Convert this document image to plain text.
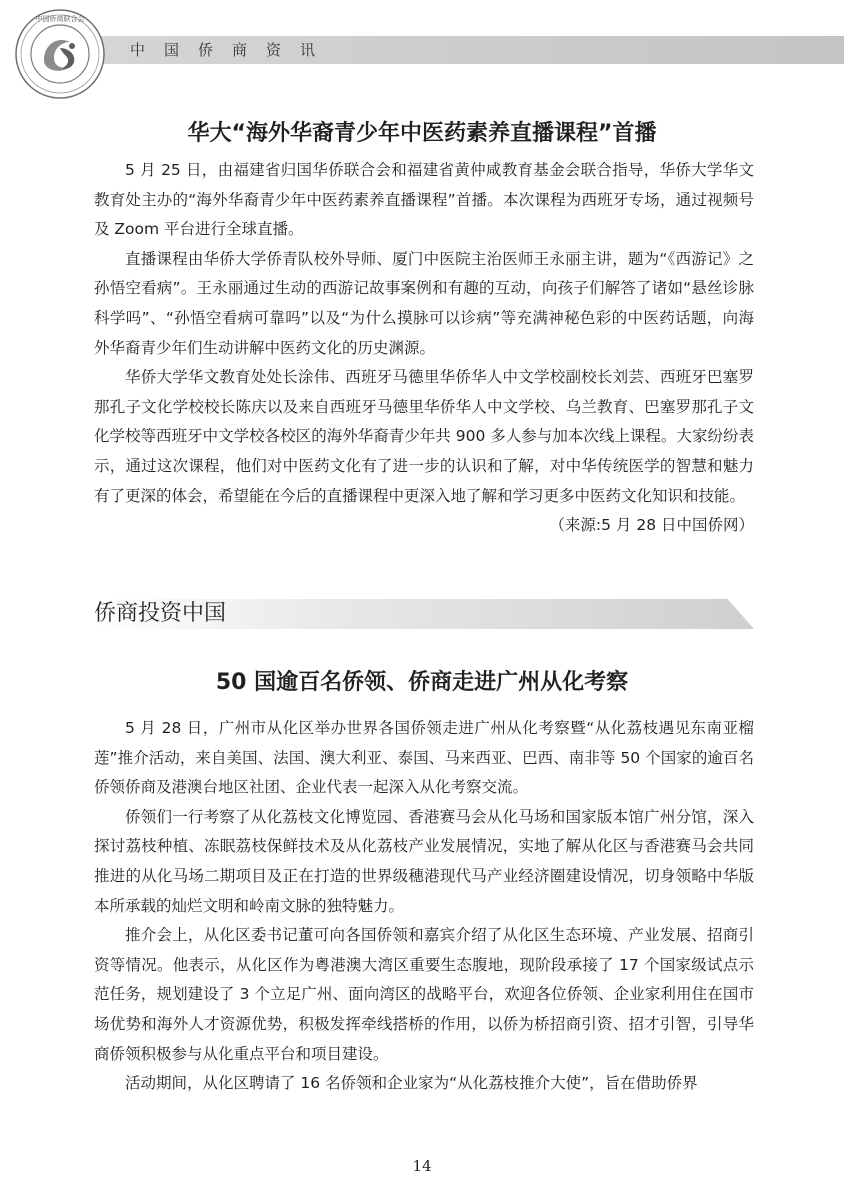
中国侨商资讯
中国侨商联合会
华大“海外华裔青少年中医药素养直播课程”首播

5 月 25 日，由福建省归国华侨联合会和福建省黄仲咸教育基金会联合指导，华侨大学华文教育处主办的“海外华裔青少年中医药素养直播课程”首播。本次课程为西班牙专场，通过视频号及 Zoom 平台进行全球直播。

直播课程由华侨大学侨青队校外导师、厦门中医院主治医师王永丽主讲，题为“《西游记》之孙悟空看病”。王永丽通过生动的西游记故事案例和有趣的互动，向孩子们解答了诸如“悬丝诊脉科学吗”、“孙悟空看病可靠吗”以及“为什么摸脉可以诊病”等充满神秘色彩的中医药话题，向海外华裔青少年们生动讲解中医药文化的历史渊源。

华侨大学华文教育处处长涂伟、西班牙马德里华侨华人中文学校副校长刘芸、西班牙巴塞罗那孔子文化学校校长陈庆以及来自西班牙马德里华侨华人中文学校、乌兰教育、巴塞罗那孔子文化学校等西班牙中文学校各校区的海外华裔青少年共 900 多人参与加本次线上课程。大家纷纷表示，通过这次课程，他们对中医药文化有了进一步的认识和了解，对中华传统医学的智慧和魅力有了更深的体会，希望能在今后的直播课程中更深入地了解和学习更多中医药文化知识和技能。

（来源:5 月 28 日中国侨网）

侨商投资中国
50 国逾百名侨领、侨商走进广州从化考察

5 月 28 日，广州市从化区举办世界各国侨领走进广州从化考察暨“从化荔枝遇见东南亚榴莲”推介活动，来自美国、法国、澳大利亚、泰国、马来西亚、巴西、南非等 50 个国家的逾百名侨领侨商及港澳台地区社团、企业代表一起深入从化考察交流。

侨领们一行考察了从化荔枝文化博览园、香港赛马会从化马场和国家版本馆广州分馆，深入探讨荔枝种植、冻眠荔枝保鲜技术及从化荔枝产业发展情况，实地了解从化区与香港赛马会共同推进的从化马场二期项目及正在打造的世界级穗港现代马产业经济圈建设情况，切身领略中华版本所承载的灿烂文明和岭南文脉的独特魅力。

推介会上，从化区委书记董可向各国侨领和嘉宾介绍了从化区生态环境、产业发展、招商引资等情况。他表示，从化区作为粤港澳大湾区重要生态腹地，现阶段承接了 17 个国家级试点示范任务，规划建设了 3 个立足广州、面向湾区的战略平台，欢迎各位侨领、企业家利用住在国市场优势和海外人才资源优势，积极发挥牵线搭桥的作用，以侨为桥招商引资、招才引智，引导华商侨领积极参与从化重点平台和项目建设。

活动期间，从化区聘请了 16 名侨领和企业家为“从化荔枝推介大使”，旨在借助侨界

14
